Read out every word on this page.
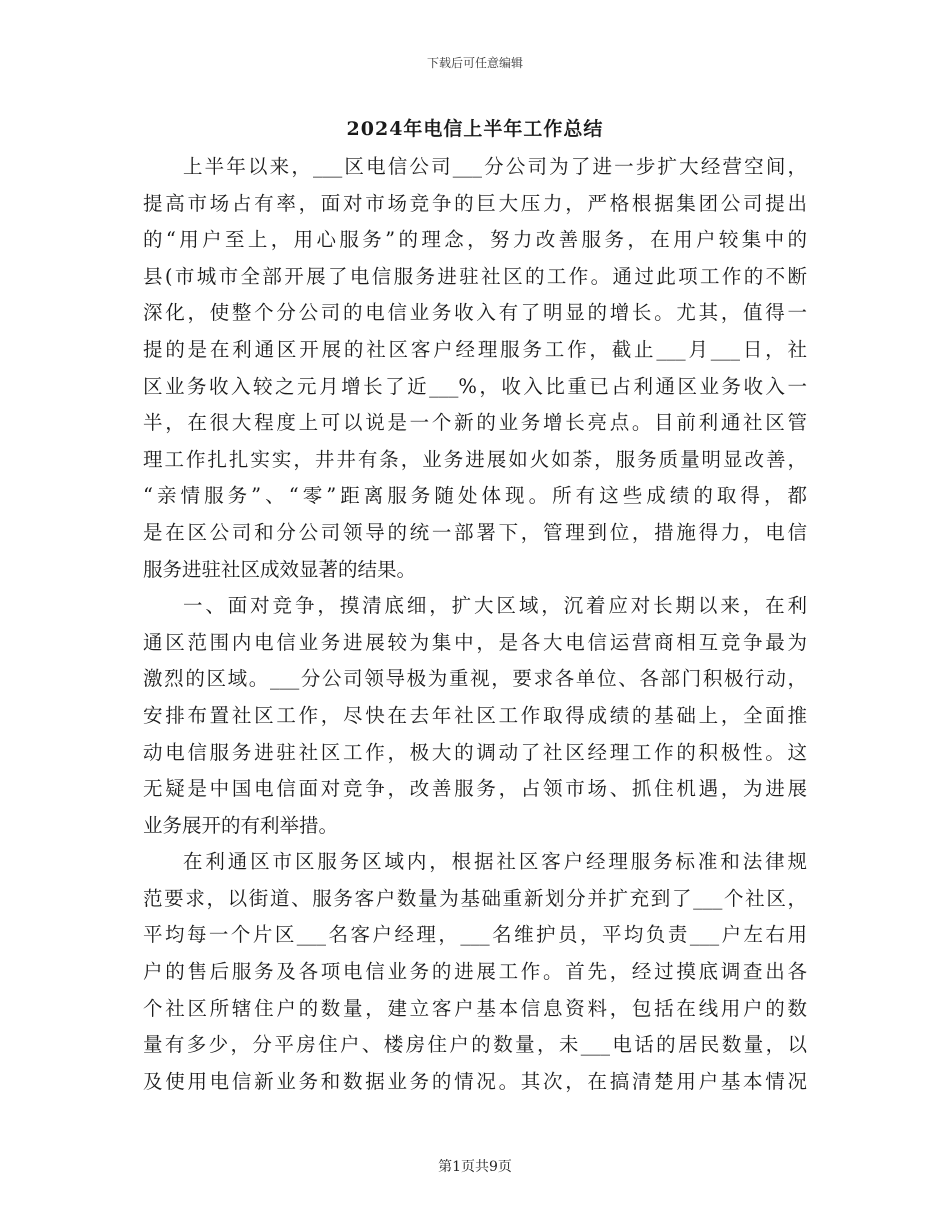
下载后可任意编辑
2024年电信上半年工作总结
上半年以来，___区电信公司___分公司为了进一步扩大经营空间，
提高市场占有率，面对市场竞争的巨大压力，严格根据集团公司提出
的“用户至上，用心服务”的理念，努力改善服务，在用户较集中的
县(市城市全部开展了电信服务进驻社区的工作。通过此项工作的不断
深化，使整个分公司的电信业务收入有了明显的增长。尤其，值得一
提的是在利通区开展的社区客户经理服务工作，截止___月___日，社
区业务收入较之元月增长了近___%，收入比重已占利通区业务收入一
半，在很大程度上可以说是一个新的业务增长亮点。目前利通社区管
理工作扎扎实实，井井有条，业务进展如火如荼，服务质量明显改善，
“亲情服务”、“零”距离服务随处体现。所有这些成绩的取得，都
是在区公司和分公司领导的统一部署下，管理到位，措施得力，电信
服务进驻社区成效显著的结果。
一、面对竞争，摸清底细，扩大区域，沉着应对长期以来，在利
通区范围内电信业务进展较为集中，是各大电信运营商相互竞争最为
激烈的区域。___分公司领导极为重视，要求各单位、各部门积极行动，
安排布置社区工作，尽快在去年社区工作取得成绩的基础上，全面推
动电信服务进驻社区工作，极大的调动了社区经理工作的积极性。这
无疑是中国电信面对竞争，改善服务，占领市场、抓住机遇，为进展
业务展开的有利举措。
在利通区市区服务区域内，根据社区客户经理服务标准和法律规
范要求，以街道、服务客户数量为基础重新划分并扩充到了___个社区，
平均每一个片区___名客户经理，___名维护员，平均负责___户左右用
户的售后服务及各项电信业务的进展工作。首先，经过摸底调查出各
个社区所辖住户的数量，建立客户基本信息资料，包括在线用户的数
量有多少，分平房住户、楼房住户的数量，未___电话的居民数量，以
及使用电信新业务和数据业务的情况。其次，在搞清楚用户基本情况
第1页共9页
